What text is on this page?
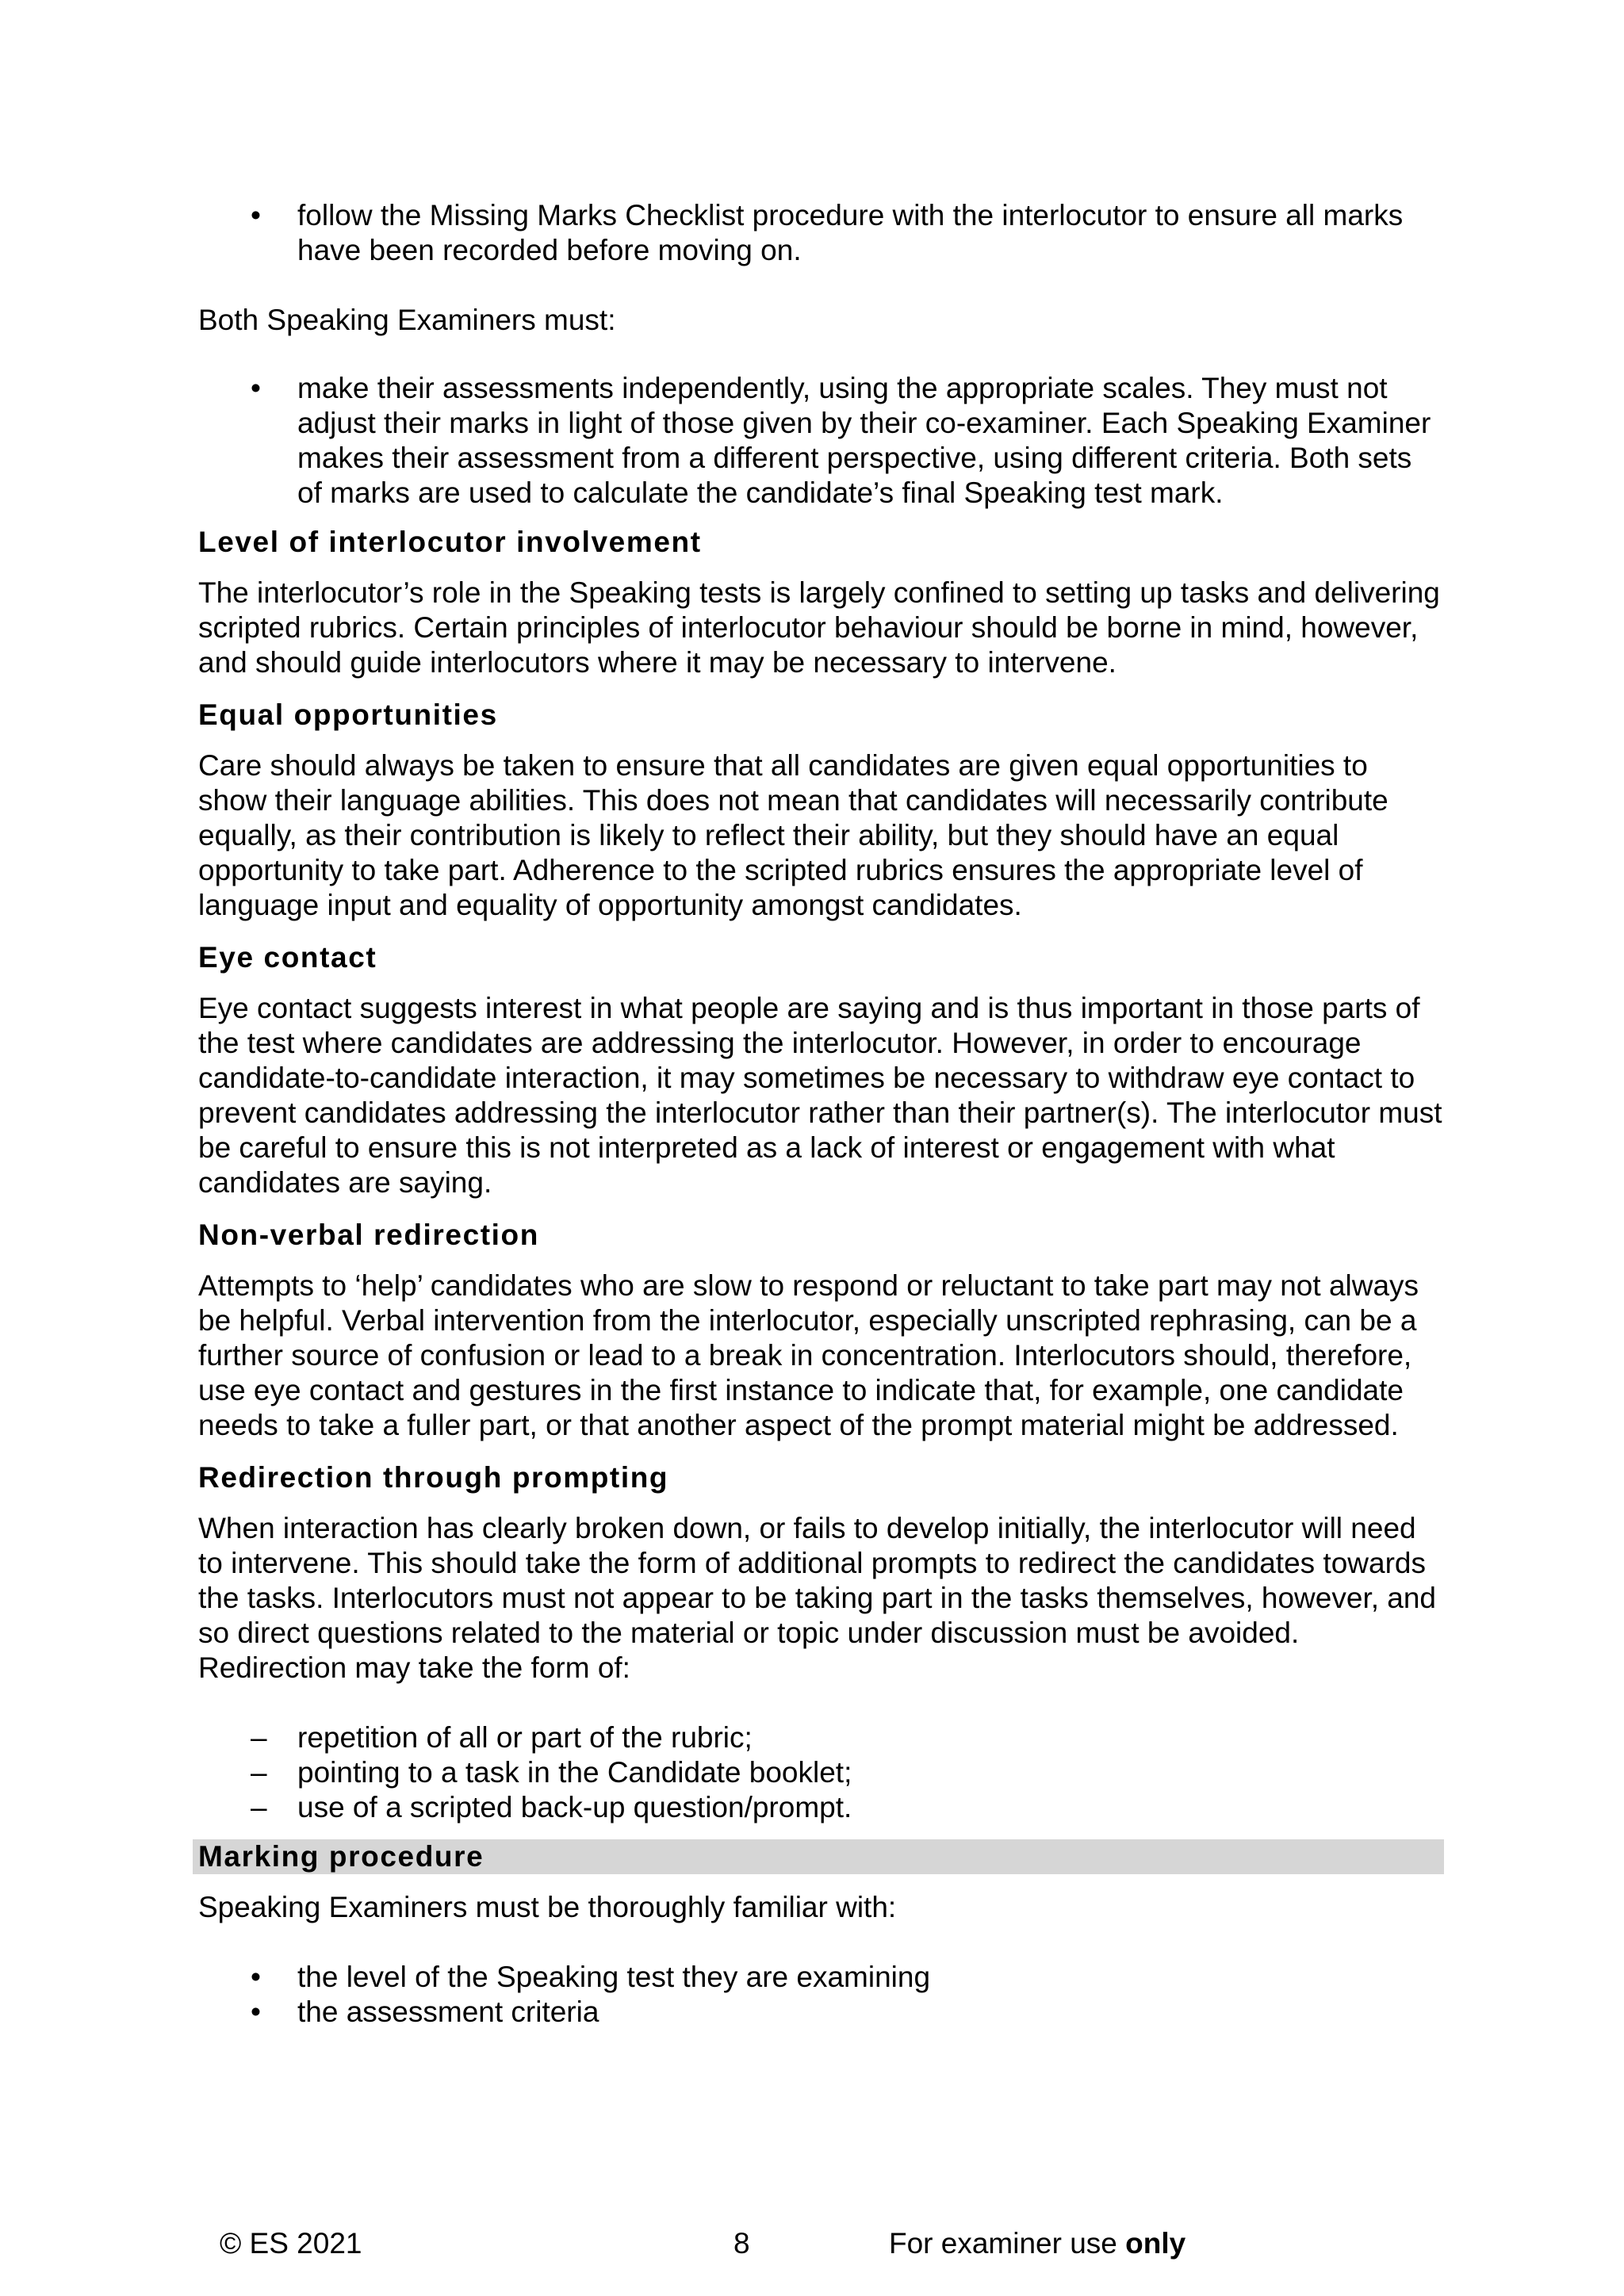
• follow the Missing Marks Checklist procedure with the interlocutor to ensure all marks have been recorded before moving on.

Both Speaking Examiners must:

• make their assessments independently, using the appropriate scales. They must not adjust their marks in light of those given by their co-examiner. Each Speaking Examiner makes their assessment from a different perspective, using different criteria. Both sets of marks are used to calculate the candidate’s final Speaking test mark.
Level of interlocutor involvement

The interlocutor’s role in the Speaking tests is largely confined to setting up tasks and delivering scripted rubrics. Certain principles of interlocutor behaviour should be borne in mind, however, and should guide interlocutors where it may be necessary to intervene.

Equal opportunities

Care should always be taken to ensure that all candidates are given equal opportunities to show their language abilities. This does not mean that candidates will necessarily contribute equally, as their contribution is likely to reflect their ability, but they should have an equal opportunity to take part. Adherence to the scripted rubrics ensures the appropriate level of language input and equality of opportunity amongst candidates.

Eye contact

Eye contact suggests interest in what people are saying and is thus important in those parts of the test where candidates are addressing the interlocutor. However, in order to encourage candidate-to-candidate interaction, it may sometimes be necessary to withdraw eye contact to prevent candidates addressing the interlocutor rather than their partner(s). The interlocutor must be careful to ensure this is not interpreted as a lack of interest or engagement with what candidates are saying.

Non-verbal redirection

Attempts to ‘help’ candidates who are slow to respond or reluctant to take part may not always be helpful. Verbal intervention from the interlocutor, especially unscripted rephrasing, can be a further source of confusion or lead to a break in concentration. Interlocutors should, therefore, use eye contact and gestures in the first instance to indicate that, for example, one candidate needs to take a fuller part, or that another aspect of the prompt material might be addressed.

Redirection through prompting

When interaction has clearly broken down, or fails to develop initially, the interlocutor will need to intervene. This should take the form of additional prompts to redirect the candidates towards the tasks. Interlocutors must not appear to be taking part in the tasks themselves, however, and so direct questions related to the material or topic under discussion must be avoided. Redirection may take the form of:

– repetition of all or part of the rubric;
– pointing to a task in the Candidate booklet;
– use of a scripted back-up question/prompt.
Marking procedure

Speaking Examiners must be thoroughly familiar with:

• the level of the Speaking test they are examining
• the assessment criteria
© ES 2021	8	For examiner use only
